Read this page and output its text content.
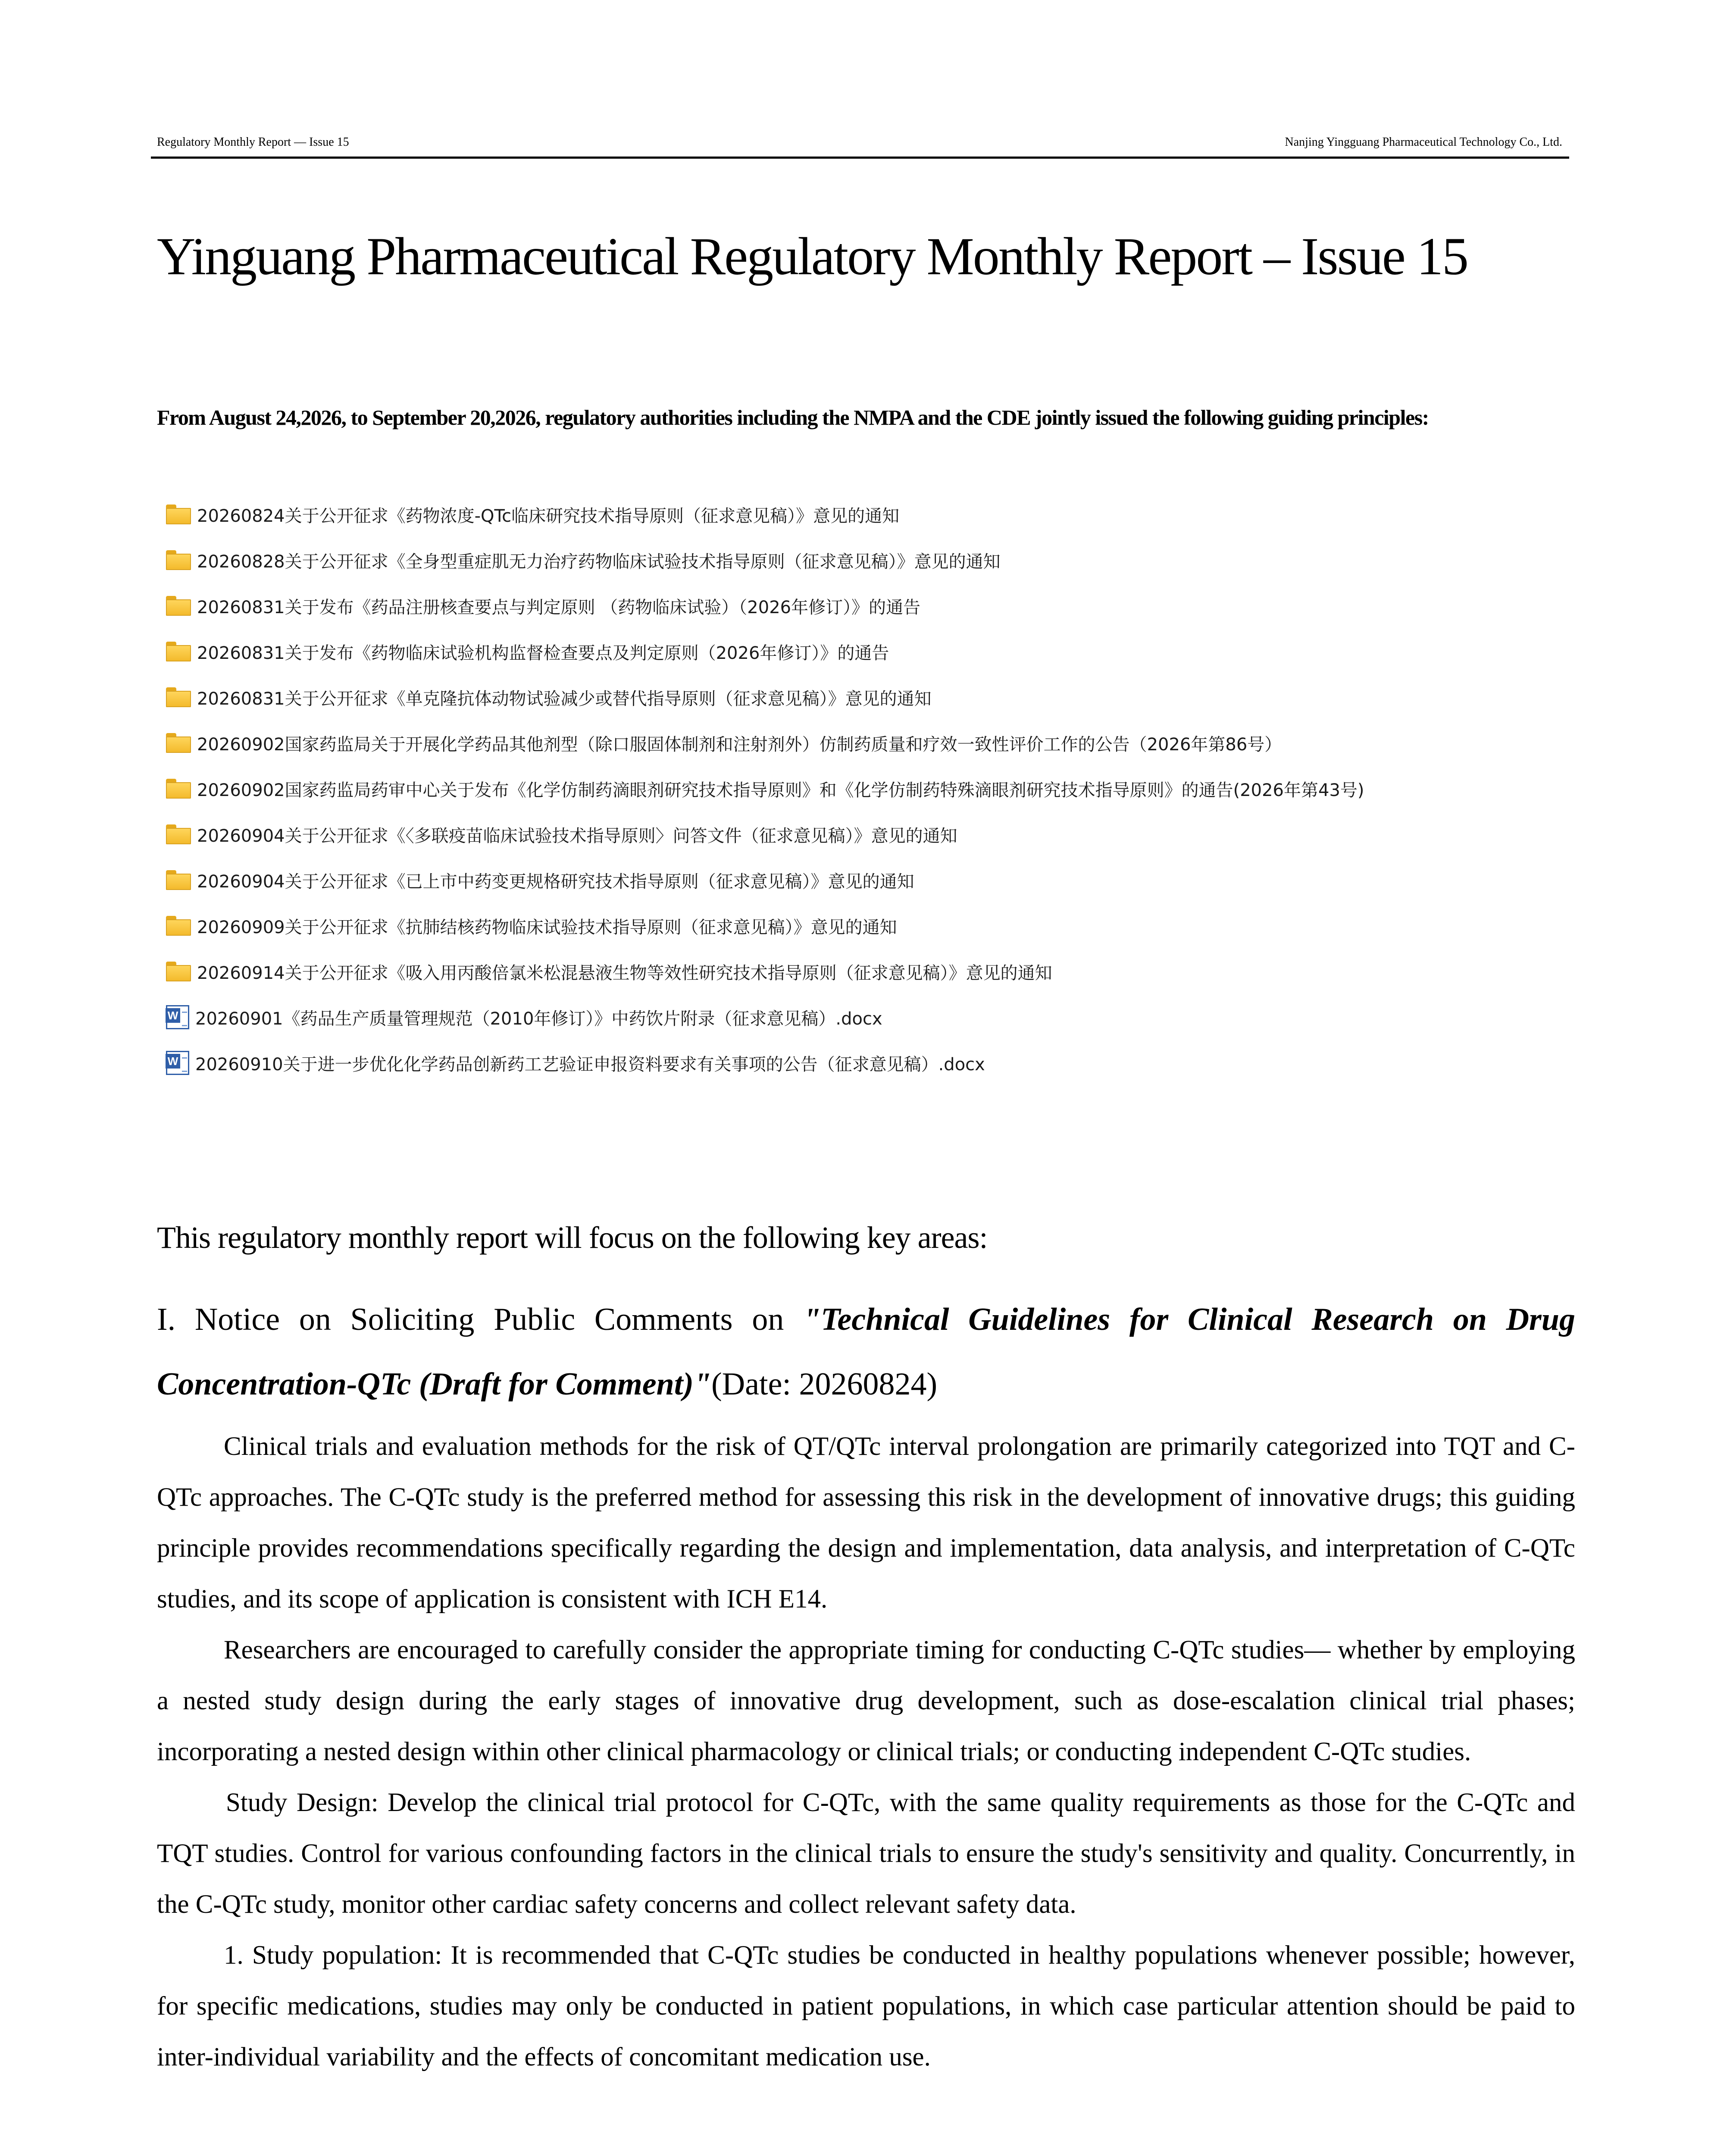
Regulatory Monthly Report — Issue 15	Nanjing Yingguang Pharmaceutical Technology Co., Ltd.
Yinguang Pharmaceutical Regulatory Monthly Report – Issue 15
From August 24,2026, to September 20,2026, regulatory authorities including the NMPA and the CDE jointly issued the following guiding principles:
20260824关于公开征求《药物浓度-QTc临床研究技术指导原则（征求意见稿）》意见的通知
20260828关于公开征求《全身型重症肌无力治疗药物临床试验技术指导原则（征求意见稿）》意见的通知
20260831关于发布《药品注册核查要点与判定原则 （药物临床试验）（2026年修订）》的通告
20260831关于发布《药物临床试验机构监督检查要点及判定原则（2026年修订）》的通告
20260831关于公开征求《单克隆抗体动物试验减少或替代指导原则（征求意见稿）》意见的通知
20260902国家药监局关于开展化学药品其他剂型（除口服固体制剂和注射剂外）仿制药质量和疗效一致性评价工作的公告（2026年第86号）
20260902国家药监局药审中心关于发布《化学仿制药滴眼剂研究技术指导原则》和《化学仿制药特殊滴眼剂研究技术指导原则》的通告(2026年第43号)
20260904关于公开征求《〈多联疫苗临床试验技术指导原则〉问答文件（征求意见稿）》意见的通知
20260904关于公开征求《已上市中药变更规格研究技术指导原则（征求意见稿）》意见的通知
20260909关于公开征求《抗肺结核药物临床试验技术指导原则（征求意见稿）》意见的通知
20260914关于公开征求《吸入用丙酸倍氯米松混悬液生物等效性研究技术指导原则（征求意见稿）》意见的通知
W
20260901《药品生产质量管理规范（2010年修订）》中药饮片附录（征求意见稿）.docx
W
20260910关于进一步优化化学药品创新药工艺验证申报资料要求有关事项的公告（征求意见稿）.docx
This regulatory monthly report will focus on the following key areas:
I. Notice on Soliciting Public Comments on "Technical Guidelines for Clinical Research on Drug Concentration-QTc (Draft for Comment)"(Date: 20260824)

Clinical trials and evaluation methods for the risk of QT/QTc interval prolongation are primarily categorized into TQT and C-QTc approaches. The C-QTc study is the preferred method for assessing this risk in the development of innovative drugs; this guiding principle provides recommendations specifically regarding the design and implementation, data analysis, and interpretation of C-QTc studies, and its scope of application is consistent with ICH E14.

Researchers are encouraged to carefully consider the appropriate timing for conducting C-QTc studies— whether by employing a nested study design during the early stages of innovative drug development, such as dose-escalation clinical trial phases; incorporating a nested design within other clinical pharmacology or clinical trials; or conducting independent C-QTc studies.

Study Design: Develop the clinical trial protocol for C-QTc, with the same quality requirements as those for the C-QTc and TQT studies. Control for various confounding factors in the clinical trials to ensure the study's sensitivity and quality. Concurrently, in the C-QTc study, monitor other cardiac safety concerns and collect relevant safety data.

1. Study population: It is recommended that C-QTc studies be conducted in healthy populations whenever possible; however, for specific medications, studies may only be conducted in patient populations, in which case particular attention should be paid to inter-individual variability and the effects of concomitant medication use.
